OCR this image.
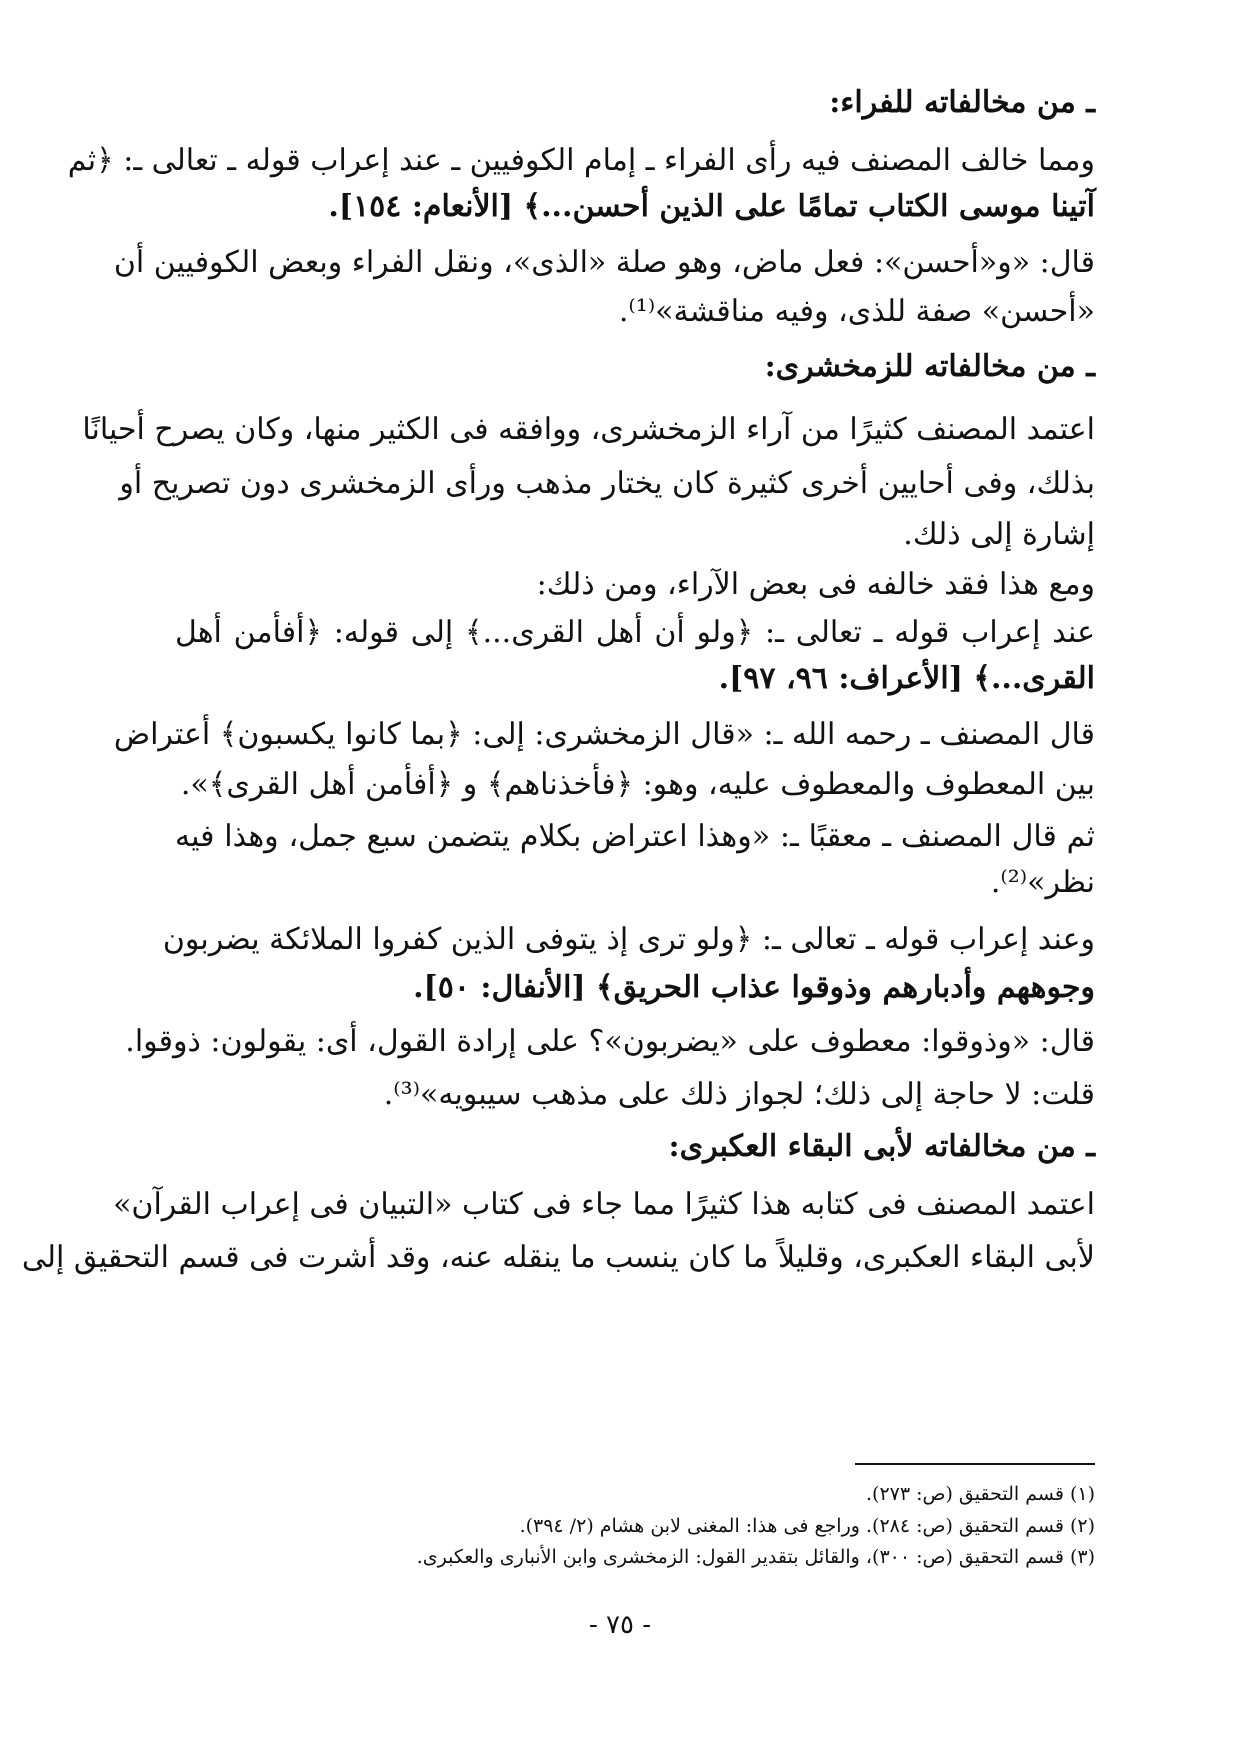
ـ من مخالفاته للفراء:
ومما خالف المصنف فيه رأى الفراء ـ إمام الكوفيين ـ عند إعراب قوله ـ تعالى ـ: ﴿ثم
آتينا موسى الكتاب تمامًا على الذين أحسن...﴾ [الأنعام: ١٥٤].
قال: «و«أحسن»: فعل ماض، وهو صلة «الذى»، ونقل الفراء وبعض الكوفيين أن
«أحسن» صفة للذى، وفيه مناقشة»⁽¹⁾.
ـ من مخالفاته للزمخشرى:
اعتمد المصنف كثيرًا من آراء الزمخشرى، ووافقه فى الكثير منها، وكان يصرح أحيانًا
بذلك، وفى أحايين أخرى كثيرة كان يختار مذهب ورأى الزمخشرى دون تصريح أو
إشارة إلى ذلك.
ومع هذا فقد خالفه فى بعض الآراء، ومن ذلك:
عند إعراب قوله ـ تعالى ـ: ﴿ولو أن أهل القرى...﴾ إلى قوله: ﴿أفأمن أهل
القرى...﴾ [الأعراف: ٩٦، ٩٧].
قال المصنف ـ رحمه الله ـ: «قال الزمخشرى: إلى: ﴿بما كانوا يكسبون﴾ أعتراض
بين المعطوف والمعطوف عليه، وهو: ﴿فأخذناهم﴾ و ﴿أفأمن أهل القرى﴾».
ثم قال المصنف ـ معقبًا ـ: «وهذا اعتراض بكلام يتضمن سبع جمل، وهذا فيه
نظر»⁽²⁾.
وعند إعراب قوله ـ تعالى ـ: ﴿ولو ترى إذ يتوفى الذين كفروا الملائكة يضربون
وجوههم وأدبارهم وذوقوا عذاب الحريق﴾ [الأنفال: ٥٠].
قال: «وذوقوا: معطوف على «يضربون»؟ على إرادة القول، أى: يقولون: ذوقوا.
قلت: لا حاجة إلى ذلك؛ لجواز ذلك على مذهب سيبويه»⁽³⁾.
ـ من مخالفاته لأبى البقاء العكبرى:
اعتمد المصنف فى كتابه هذا كثيرًا مما جاء فى كتاب «التبيان فى إعراب القرآن»
لأبى البقاء العكبرى، وقليلاً ما كان ينسب ما ينقله عنه، وقد أشرت فى قسم التحقيق إلى
(١) قسم التحقيق (ص: ٢٧٣).
(٢) قسم التحقيق (ص: ٢٨٤). وراجع فى هذا: المغنى لابن هشام (٢/ ٣٩٤).
(٣) قسم التحقيق (ص: ٣٠٠)، والقائل بتقدير القول: الزمخشرى وابن الأنبارى والعكبرى.
- ٧٥ -
